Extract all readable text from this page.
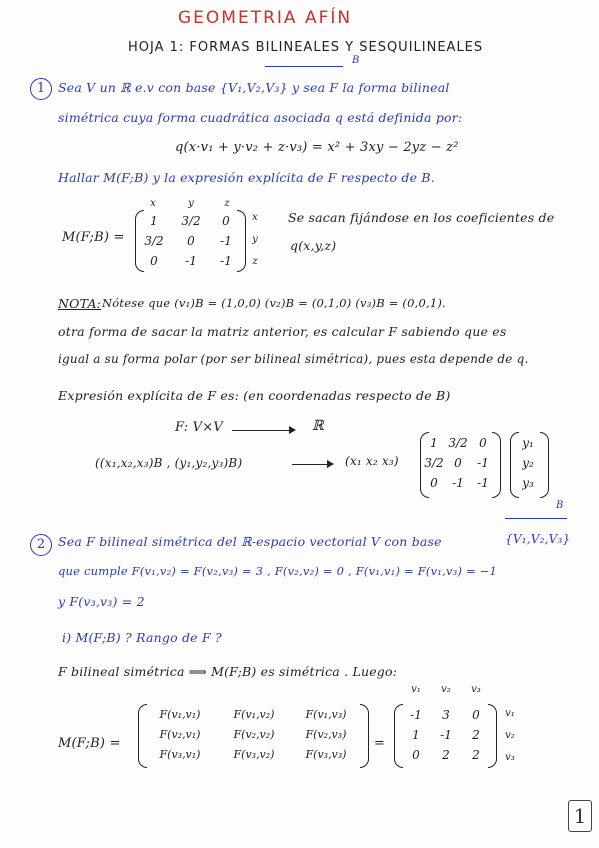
GEOMETRIA AFÍN
HOJA 1: FORMAS BILINEALES Y SESQUILINEALES
1
B
Sea V un ℝ e.v con base {V₁,V₂,V₃} y sea F la forma bilineal
simétrica cuya forma cuadrática asociada q está definida por:
q(x·v₁ + y·v₂ + z·v₃) = x² + 3xy − 2yz − z²
Hallar M(F;B) y la expresión explícita de F respecto de B.
M(F;B) =
x	y	z
1	3/2	0
3/2	0	-1
0	-1	-1
x
y
z
Se sacan fijándose en los coeficientes de
q(x,y,z)
NOTA: Nótese que (v₁)B = (1,0,0) (v₂)B = (0,1,0) (v₃)B = (0,0,1).
otra forma de sacar la matriz anterior, es calcular F sabiendo que es
igual a su forma polar (por ser bilineal simétrica), pues esta depende de q.
Expresión explícita de F es: (en coordenadas respecto de B)
F: V×V	ℝ
((x₁,x₂,x₃)B , (y₁,y₂,y₃)B)	(x₁ x₂ x₃)
1 3/2 0
3/2 0	-1
0	-1	-1
y₁
y₂
y₃
2
B
Sea F bilineal simétrica del ℝ-espacio vectorial V con base	{V₁,V₂,V₃}
que cumple F(v₁,v₂) = F(v₂,v₃) = 3 , F(v₂,v₂) = 0 , F(v₁,v₁) = F(v₁,v₃) = −1
y F(v₃,v₃) = 2
i) M(F;B) ? Rango de F ?
F bilineal simétrica ⟹ M(F;B) es simétrica . Luego:
M(F;B) =
F(v₁,v₁)	F(v₁,v₂)	F(v₁,v₃)
F(v₂,v₁)	F(v₂,v₂)	F(v₂,v₃)
F(v₃,v₁)	F(v₃,v₂)	F(v₃,v₃)
=
v₁	v₂	v₃
-1	3	0
1	-1	2
0	2	2
v₁
v₂
v₃
1
